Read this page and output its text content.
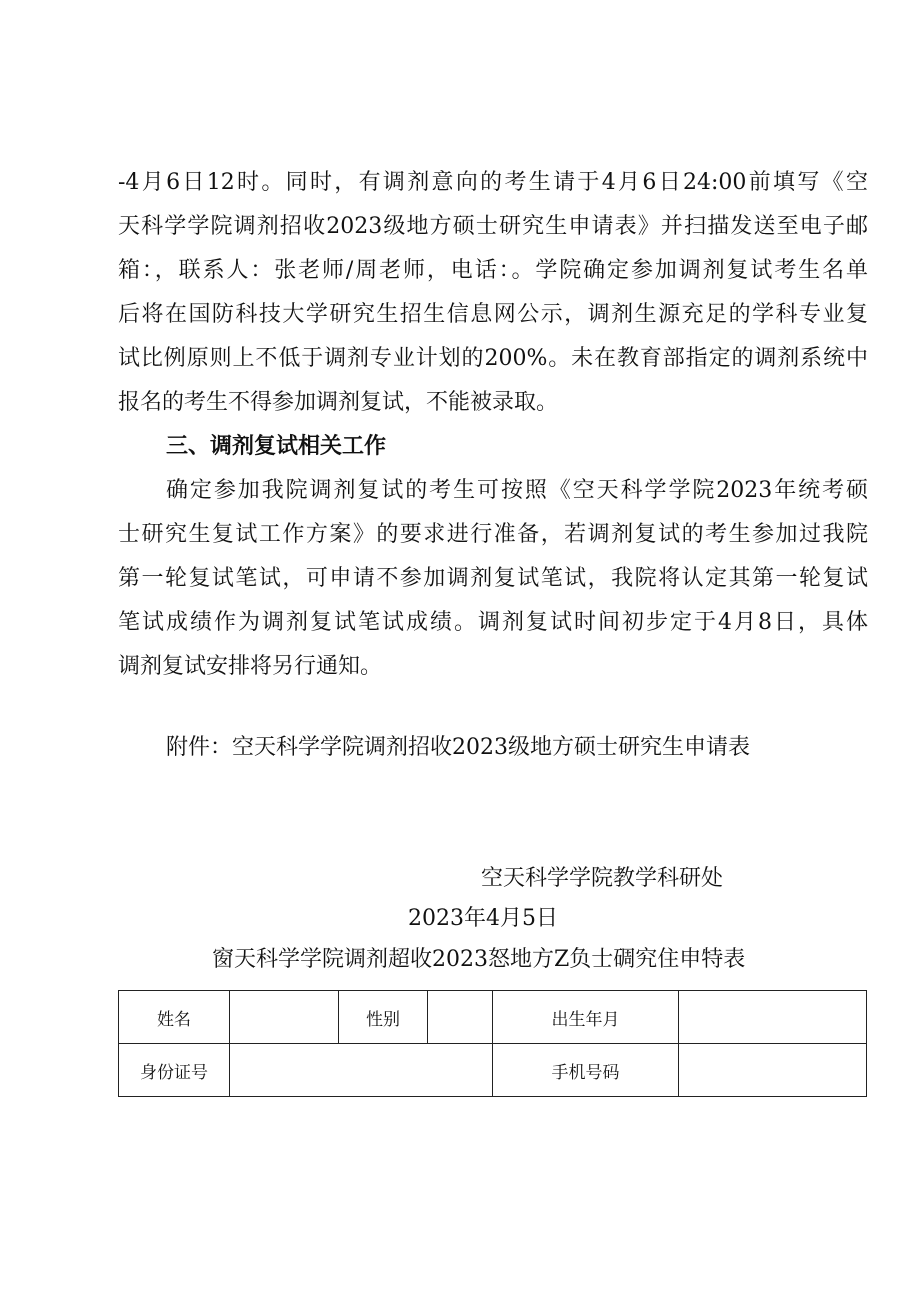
-4月6日12时。同时，有调剂意向的考生请于4月6日24:00前填写《空
天科学学院调剂招收2023级地方硕士研究生申请表》并扫描发送至电子邮
箱：，联系人：张老师/周老师，电话：。学院确定参加调剂复试考生名单
后将在国防科技大学研究生招生信息网公示，调剂生源充足的学科专业复
试比例原则上不低于调剂专业计划的200%。未在教育部指定的调剂系统中
报名的考生不得参加调剂复试，不能被录取。
三、调剂复试相关工作
确定参加我院调剂复试的考生可按照《空天科学学院2023年统考硕
士研究生复试工作方案》的要求进行准备，若调剂复试的考生参加过我院
第一轮复试笔试，可申请不参加调剂复试笔试，我院将认定其第一轮复试
笔试成绩作为调剂复试笔试成绩。调剂复试时间初步定于4月8日，具体
调剂复试安排将另行通知。
附件：空天科学学院调剂招收2023级地方硕士研究生申请表
空天科学学院教学科研处
2023年4月5日
窗天科学学院调剂超收2023怒地方Z负士碉究住申特表
姓名		性别		出生年月	
身份证号				手机号码	
